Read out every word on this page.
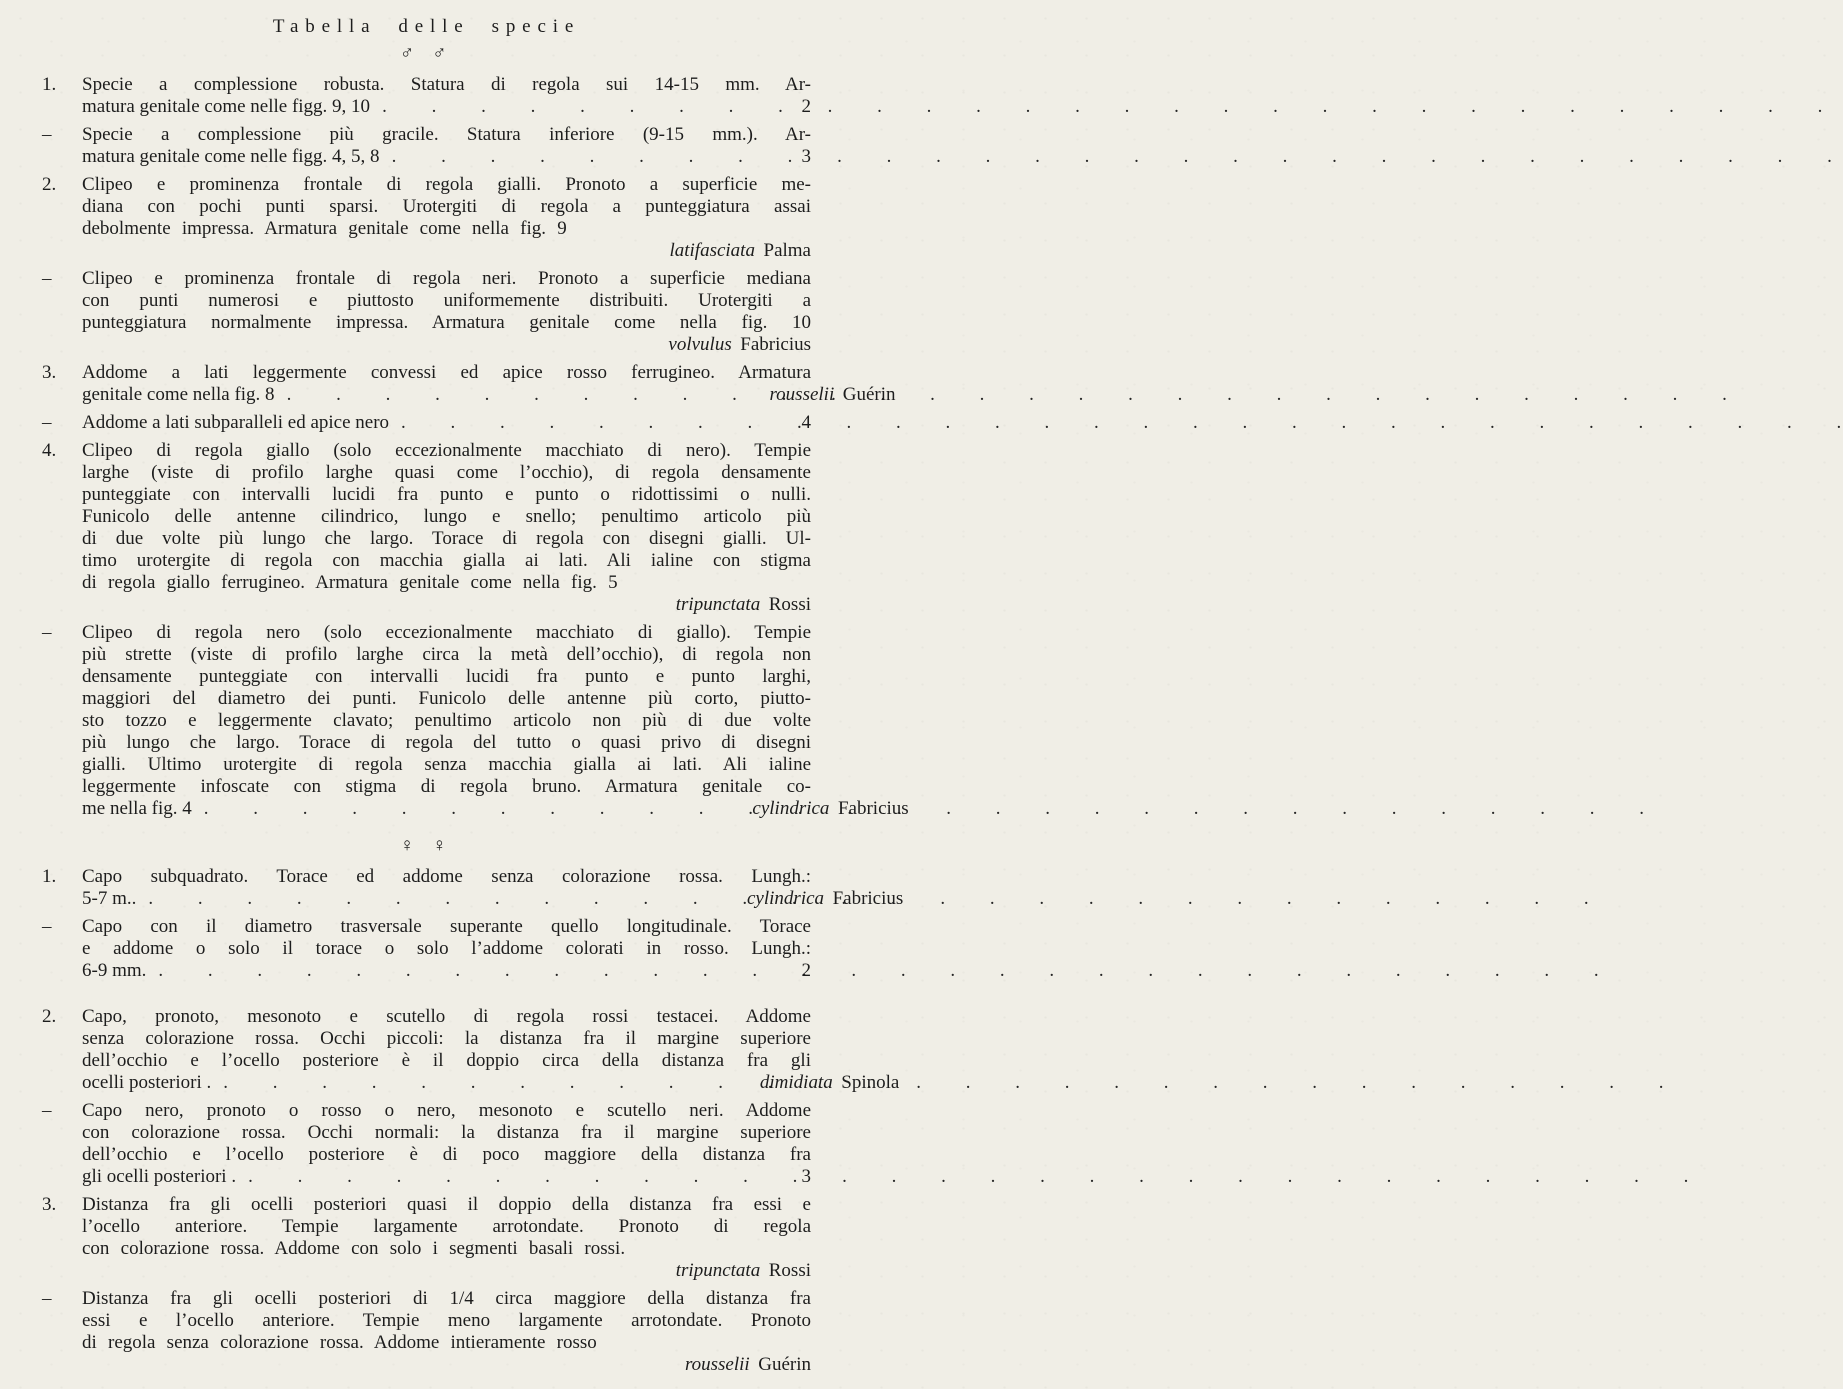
Tabella delle specie
♂ ♂
1.	Specie a complessione robusta. Statura di regola sui 14-15 mm. Ar-
matura genitale come nelle figg. 9, 10 . . .	2
–	Specie a complessione più gracile. Statura inferiore (9-15 mm.). Ar-
matura genitale come nelle figg. 4, 5, 8 . . .	3
2.	Clipeo e prominenza frontale di regola gialli. Pronoto a superficie me-
diana con pochi punti sparsi. Urotergiti di regola a punteggiatura assai
debolmente impressa. Armatura genitale come nella fig. 9
latifasciata Palma
–	Clipeo e prominenza frontale di regola neri. Pronoto a superficie mediana
con punti numerosi e piuttosto uniformemente distribuiti. Urotergiti a
punteggiatura normalmente impressa. Armatura genitale come nella fig. 10
volvulus Fabricius
3.	Addome a lati leggermente convessi ed apice rosso ferrugineo. Armatura
genitale come nella fig. 8 . . .	rousselii Guérin
–	Addome a lati subparalleli ed apice nero . . .	4
4.	Clipeo di regola giallo (solo eccezionalmente macchiato di nero). Tempie
larghe (viste di profilo larghe quasi come l’occhio), di regola densamente
punteggiate con intervalli lucidi fra punto e punto o ridottissimi o nulli.
Funicolo delle antenne cilindrico, lungo e snello; penultimo articolo più
di due volte più lungo che largo. Torace di regola con disegni gialli. Ul-
timo urotergite di regola con macchia gialla ai lati. Ali ialine con stigma
di regola giallo ferrugineo. Armatura genitale come nella fig. 5
tripunctata Rossi
–	Clipeo di regola nero (solo eccezionalmente macchiato di giallo). Tempie
più strette (viste di profilo larghe circa la metà dell’occhio), di regola non
densamente punteggiate con intervalli lucidi fra punto e punto larghi,
maggiori del diametro dei punti. Funicolo delle antenne più corto, piutto-
sto tozzo e leggermente clavato; penultimo articolo non più di due volte
più lungo che largo. Torace di regola del tutto o quasi privo di disegni
gialli. Ultimo urotergite di regola senza macchia gialla ai lati. Ali ialine
leggermente infoscate con stigma di regola bruno. Armatura genitale co-
me nella fig. 4 . . .	cylindrica Fabricius
♀ ♀
1.	Capo subquadrato. Torace ed addome senza colorazione rossa. Lungh.:
5-7 m.. . . .	cylindrica Fabricius
–	Capo con il diametro trasversale superante quello longitudinale. Torace
e addome o solo il torace o solo l’addome colorati in rosso. Lungh.:
6-9 mm. . . .	2
2.	Capo, pronoto, mesonoto e scutello di regola rossi testacei. Addome
senza colorazione rossa. Occhi piccoli: la distanza fra il margine superiore
dell’occhio e l’ocello posteriore è il doppio circa della distanza fra gli
ocelli posteriori . . . .	dimidiata Spinola
–	Capo nero, pronoto o rosso o nero, mesonoto e scutello neri. Addome
con colorazione rossa. Occhi normali: la distanza fra il margine superiore
dell’occhio e l’ocello posteriore è di poco maggiore della distanza fra
gli ocelli posteriori . . . .	3
3.	Distanza fra gli ocelli posteriori quasi il doppio della distanza fra essi e
l’ocello anteriore. Tempie largamente arrotondate. Pronoto di regola
con colorazione rossa. Addome con solo i segmenti basali rossi.
tripunctata Rossi
–	Distanza fra gli ocelli posteriori di 1/4 circa maggiore della distanza fra
essi e l’ocello anteriore. Tempie meno largamente arrotondate. Pronoto
di regola senza colorazione rossa. Addome intieramente rosso
rousselii Guérin
